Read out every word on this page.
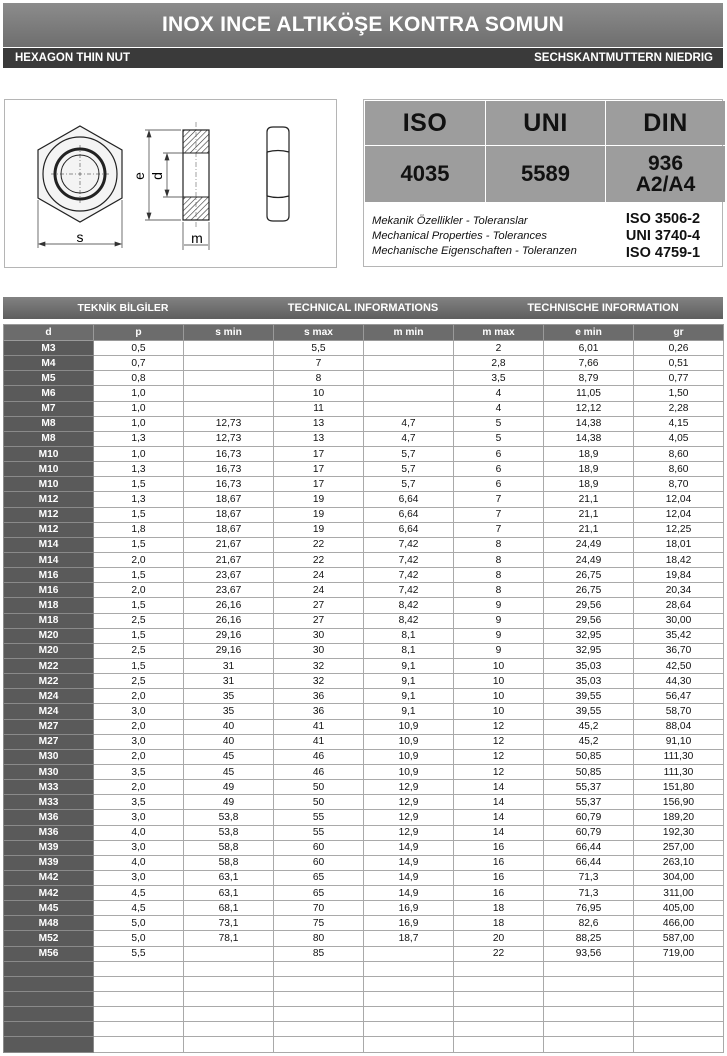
INOX INCE ALTIKÖŞE KONTRA SOMUN
HEXAGON THIN NUT	SECHSKANTMUTTERN NIEDRIG
s
e d
m
ISO	UNI	DIN
4035	5589	936
A2/A4
Mekanik Özellikler - Toleranslar
Mechanical Properties - Tolerances
Mechanische Eigenschaften - Toleranzen
ISO 3506-2
UNI 3740-4
ISO 4759-1
TEKNİK BİLGİLER	TECHNICAL INFORMATIONS	TECHNISCHE INFORMATION
d	p	s min	s max	m min	m max	e min	gr
M3	0,5		5,5		2	6,01	0,26
M4	0,7		7		2,8	7,66	0,51
M5	0,8		8		3,5	8,79	0,77
M6	1,0		10		4	11,05	1,50
M7	1,0		11		4	12,12	2,28
M8	1,0	12,73	13	4,7	5	14,38	4,15
M8	1,3	12,73	13	4,7	5	14,38	4,05
M10	1,0	16,73	17	5,7	6	18,9	8,60
M10	1,3	16,73	17	5,7	6	18,9	8,60
M10	1,5	16,73	17	5,7	6	18,9	8,70
M12	1,3	18,67	19	6,64	7	21,1	12,04
M12	1,5	18,67	19	6,64	7	21,1	12,04
M12	1,8	18,67	19	6,64	7	21,1	12,25
M14	1,5	21,67	22	7,42	8	24,49	18,01
M14	2,0	21,67	22	7,42	8	24,49	18,42
M16	1,5	23,67	24	7,42	8	26,75	19,84
M16	2,0	23,67	24	7,42	8	26,75	20,34
M18	1,5	26,16	27	8,42	9	29,56	28,64
M18	2,5	26,16	27	8,42	9	29,56	30,00
M20	1,5	29,16	30	8,1	9	32,95	35,42
M20	2,5	29,16	30	8,1	9	32,95	36,70
M22	1,5	31	32	9,1	10	35,03	42,50
M22	2,5	31	32	9,1	10	35,03	44,30
M24	2,0	35	36	9,1	10	39,55	56,47
M24	3,0	35	36	9,1	10	39,55	58,70
M27	2,0	40	41	10,9	12	45,2	88,04
M27	3,0	40	41	10,9	12	45,2	91,10
M30	2,0	45	46	10,9	12	50,85	111,30
M30	3,5	45	46	10,9	12	50,85	111,30
M33	2,0	49	50	12,9	14	55,37	151,80
M33	3,5	49	50	12,9	14	55,37	156,90
M36	3,0	53,8	55	12,9	14	60,79	189,20
M36	4,0	53,8	55	12,9	14	60,79	192,30
M39	3,0	58,8	60	14,9	16	66,44	257,00
M39	4,0	58,8	60	14,9	16	66,44	263,10
M42	3,0	63,1	65	14,9	16	71,3	304,00
M42	4,5	63,1	65	14,9	16	71,3	311,00
M45	4,5	68,1	70	16,9	18	76,95	405,00
M48	5,0	73,1	75	16,9	18	82,6	466,00
M52	5,0	78,1	80	18,7	20	88,25	587,00
M56	5,5		85		22	93,56	719,00
